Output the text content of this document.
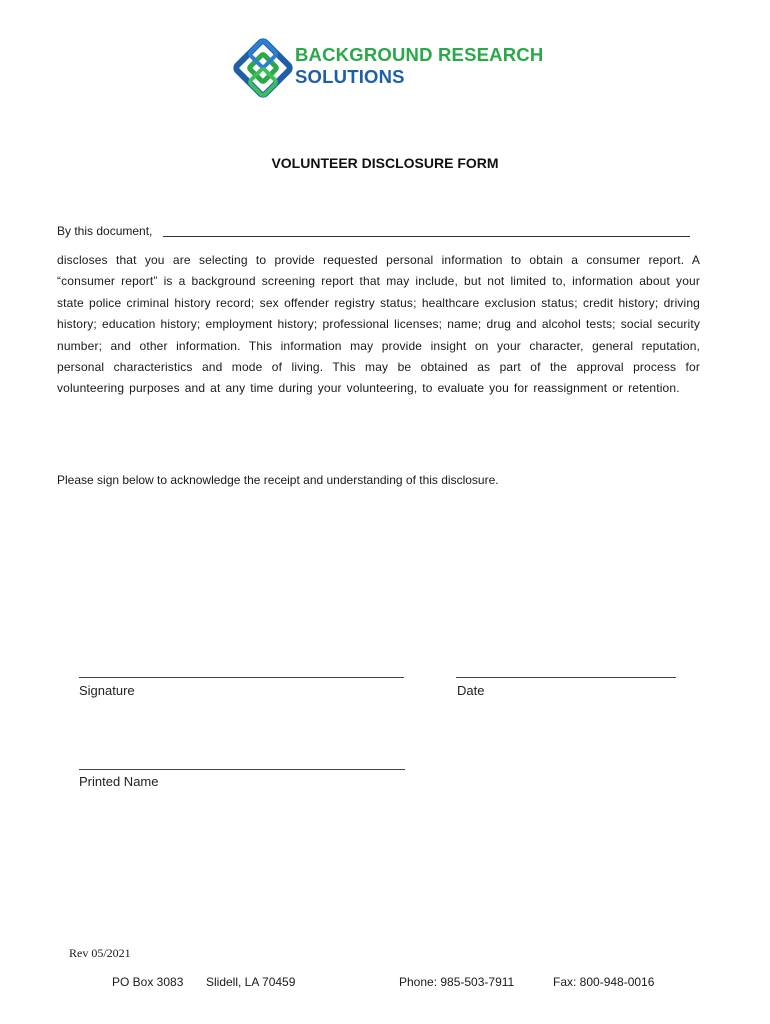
BACKGROUND RESEARCH
SOLUTIONS
VOLUNTEER DISCLOSURE FORM
By this document,
discloses that you are selecting to provide requested personal information to obtain a consumer report. A “consumer report” is a background screening report that may include, but not limited to, information about your state police criminal history record; sex offender registry status; healthcare exclusion status; credit history; driving history; education history; employment history; professional licenses; name; drug and alcohol tests; social security number; and other information. This information may provide insight on your character, general reputation, personal characteristics and mode of living. This may be obtained as part of the approval process for volunteering purposes and at any time during your volunteering, to evaluate you for reassignment or retention.
Please sign below to acknowledge the receipt and understanding of this disclosure.
Signature	Date
Printed Name
Rev 05/2021
PO Box 3083 Slidell, LA 70459	Phone: 985-503-7911	Fax: 800-948-0016
